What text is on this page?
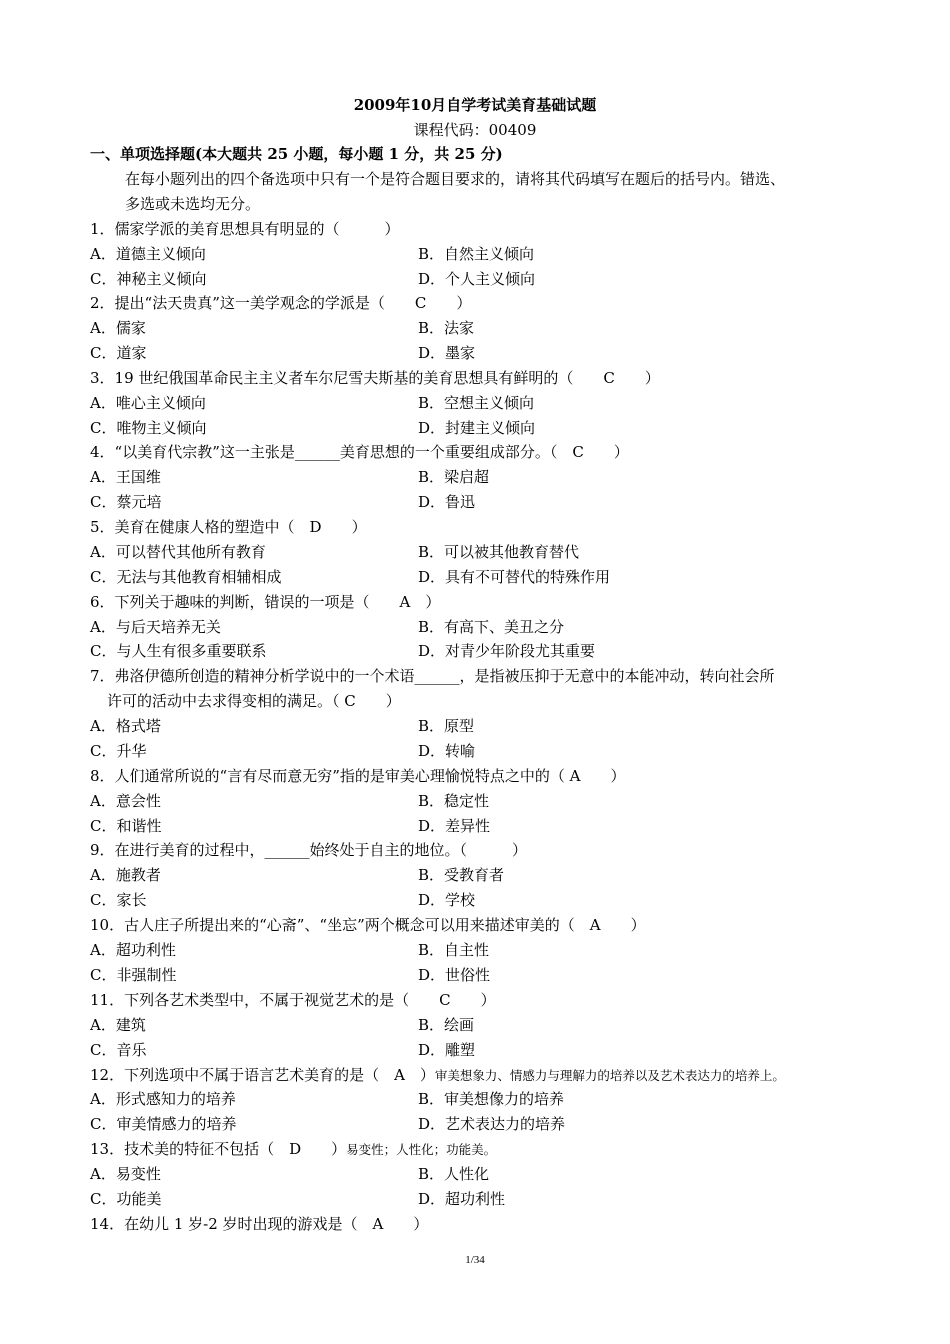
2009年10月自学考试美育基础试题
课程代码：00409
一、单项选择题(本大题共 25 小题，每小题 1 分，共 25 分)
在每小题列出的四个备选项中只有一个是符合题目要求的，请将其代码填写在题后的括号内。错选、
多选或未选均无分。
1．儒家学派的美育思想具有明显的（　　　）
A．道德主义倾向	B．自然主义倾向
C．神秘主义倾向	D．个人主义倾向
2．提出“法天贵真”这一美学观念的学派是（　　C　　）
A．儒家	B．法家
C．道家	D．墨家
3．19 世纪俄国革命民主主义者车尔尼雪夫斯基的美育思想具有鲜明的（　　C　　）
A．唯心主义倾向	B．空想主义倾向
C．唯物主义倾向	D．封建主义倾向
4．“以美育代宗教”这一主张是______美育思想的一个重要组成部分。（　C　　）
A．王国维	B．梁启超
C．蔡元培	D．鲁迅
5．美育在健康人格的塑造中（　D　　）
A．可以替代其他所有教育	B．可以被其他教育替代
C．无法与其他教育相辅相成	D．具有不可替代的特殊作用
6．下列关于趣味的判断，错误的一项是（　　A　）
A．与后天培养无关	B．有高下、美丑之分
C．与人生有很多重要联系	D．对青少年阶段尤其重要
7．弗洛伊德所创造的精神分析学说中的一个术语______，是指被压抑于无意中的本能冲动，转向社会所
许可的活动中去求得变相的满足。（ C　　）
A．格式塔	B．原型
C．升华	D．转喻
8．人们通常所说的“言有尽而意无穷”指的是审美心理愉悦特点之中的（ A　　）
A．意会性	B．稳定性
C．和谐性	D．差异性
9．在进行美育的过程中，______始终处于自主的地位。（　　　）
A．施教者	B．受教育者
C．家长	D．学校
10．古人庄子所提出来的“心斋”、“坐忘”两个概念可以用来描述审美的（　A　　）
A．超功利性	B．自主性
C．非强制性	D．世俗性
11．下列各艺术类型中，不属于视觉艺术的是（　　C　　）
A．建筑	B．绘画
C．音乐	D．雕塑
12．下列选项中不属于语言艺术美育的是（　A　）审美想象力、情感力与理解力的培养以及艺术表达力的培养上。
A．形式感知力的培养	B．审美想像力的培养
C．审美情感力的培养	D．艺术表达力的培养
13．技术美的特征不包括（　D　　）易变性；人性化；功能美。
A．易变性	B．人性化
C．功能美	D．超功利性
14．在幼儿 1 岁-2 岁时出现的游戏是（　A　　）
1/34
